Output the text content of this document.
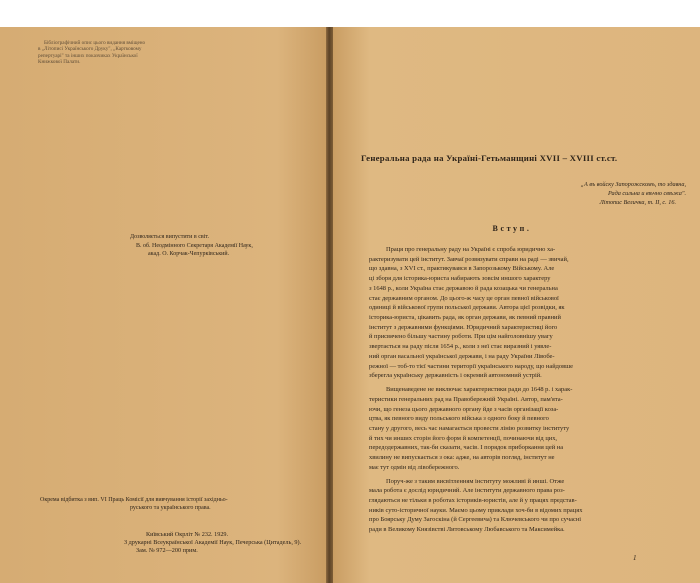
Бібліографічний опис цього видання вміщено
в „Літописі Українського Друку", „Картковому
репертуарі" та інших показчиках Української
Книжкової Палати.
Дозволяється випустити в світ.
В. об. Неодмінного Секретаря Академії Наук,
акад. О. Корчак-Чепурківський.
Окрема відбитка з вип. VI Праць Комісії для вивчування історії західньо-
руського та українського права.
Київський Окрліт № 232. 1929.
З друкарні Всеукраїнської Академії Наук, Печерська (Цитадель, 9).
Зам. № 972—200 прим.
Генеральна рада на Україні-Гетьманщині XVII – XVIII ст.ст.
„А въ войску Запорожскомъ, то здавна,
Рада сильна и вѣчно свѣжа".
Літопис Величка, т. II, с. 16.
Вступ.
Праця про генеральну раду на Україні є спроба юридично ха-
рактеризувати цей інститут. Завчаї розвязувати справи на раді — звичай,
що здавна, з XVI ст., практикувався в Запорозькому Війському. Але
ці зборя для історика-юриста набирають зовсім иншого характеру
з 1648 р., коли Україна стає державою й рада козацька чи генеральна
стає державним органом. До цього-ж часу це орган певної військової
одиниці й військової групи польської держави. Автора цієї розвідки, як
історика-юриста, цікавить рада, як орган держави, як певний правний
інститут з державними функціями. Юридичний характеристиці його
й присвячено більшу частину роботи. При цім найголовнішу увагу
звертається на раду після 1654 р., коли з неї стає виразний і уявле-
ний орган васальної української держави, і на раду України Лівобе-
режної — тоб-то тієї частини території українського народу, що найдовше
зберегла українську державність і окремий автономний устрій.
Вищенаведене не виключає характеристики ради до 1648 р. і харак-
теристики генеральних рад на Правобережній Україні. Автор, пам'ята-
ючи, що генеза цього державного органу йде з часів організації коза-
цтва, як певного виду польського війська з одного боку й певного
стану у другого, весь час намагається провести лінію розвитку інституту
й тих чи инших сторін його форм й компетенції, починаючи від цих,
передодержавних, так-би сказати, часів. І порядок приборкання цей на
хвилину не випускається з ока: адже, на авторів погляд, інститут не
має тут одмін від лівобережного.
Поруч-же з таким висвітленням інституту можливі й инші. Отже
мала робота є дослід юридичний. Але інститути державного права роз-
глядаються не тільки в роботах істориків-юристів, але й у працях представ-
ників суто-історичної науки. Маємо цьому приклади хоч-би в відомих працях
про Боярську Думу Загоскіна (й Сергеевича) та Ключевського чи про сучасні
ради в Великому Князівстві Литовському Любавського та Максимейка.
1
